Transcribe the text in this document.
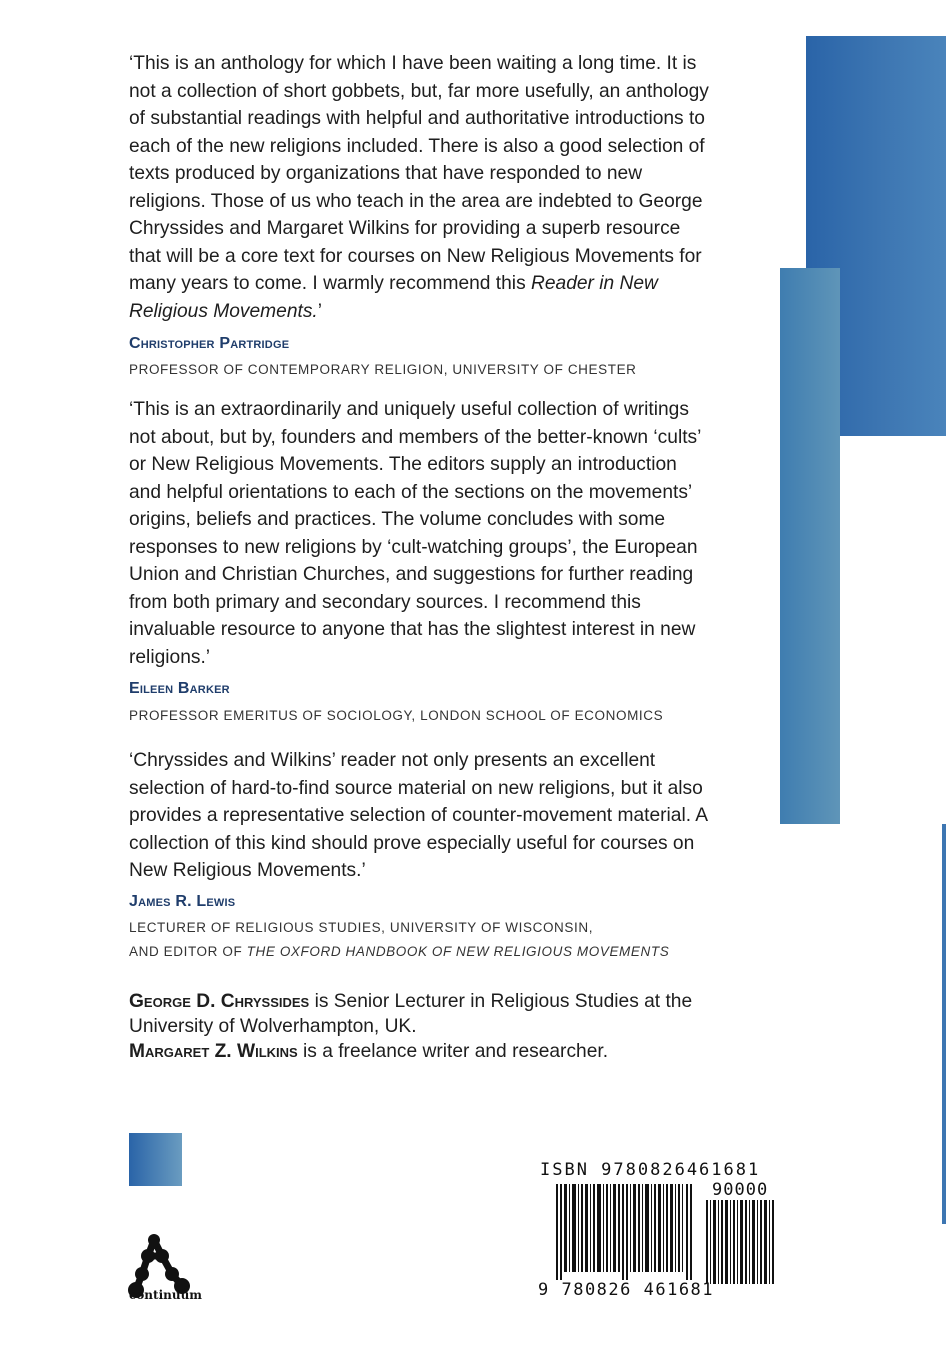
‘This is an anthology for which I have been waiting a long time. It is not a collection of short gobbets, but, far more usefully, an anthology of substantial readings with helpful and authoritative introductions to each of the new religions included. There is also a good selection of texts produced by organizations that have responded to new religions. Those of us who teach in the area are indebted to George Chryssides and Margaret Wilkins for providing a superb resource that will be a core text for courses on New Religious Movements for many years to come. I warmly recommend this Reader in New Religious Movements.’

Christopher Partridge

PROFESSOR OF CONTEMPORARY RELIGION, UNIVERSITY OF CHESTER

‘This is an extraordinarily and uniquely useful collection of writings not about, but by, founders and members of the better-known ‘cults’ or New Religious Movements. The editors supply an introduction and helpful orientations to each of the sections on the movements’ origins, beliefs and practices. The volume concludes with some responses to new religions by ‘cult-watching groups’, the European Union and Christian Churches, and suggestions for further reading from both primary and secondary sources. I recommend this invaluable resource to anyone that has the slightest interest in new religions.’

Eileen Barker

PROFESSOR EMERITUS OF SOCIOLOGY, LONDON SCHOOL OF ECONOMICS

‘Chryssides and Wilkins’ reader not only presents an excellent selection of hard-to-find source material on new religions, but it also provides a representative selection of counter-movement material. A collection of this kind should prove especially useful for courses on New Religious Movements.’

James R. Lewis

LECTURER OF RELIGIOUS STUDIES, UNIVERSITY OF WISCONSIN,
AND EDITOR OF THE OXFORD HANDBOOK OF NEW RELIGIOUS MOVEMENTS
George D. Chryssides is Senior Lecturer in Religious Studies at the University of Wolverhampton, UK.
Margaret Z. Wilkins is a freelance writer and researcher.
continuum
ISBN 9780826461681
90000
9 780826 461681
